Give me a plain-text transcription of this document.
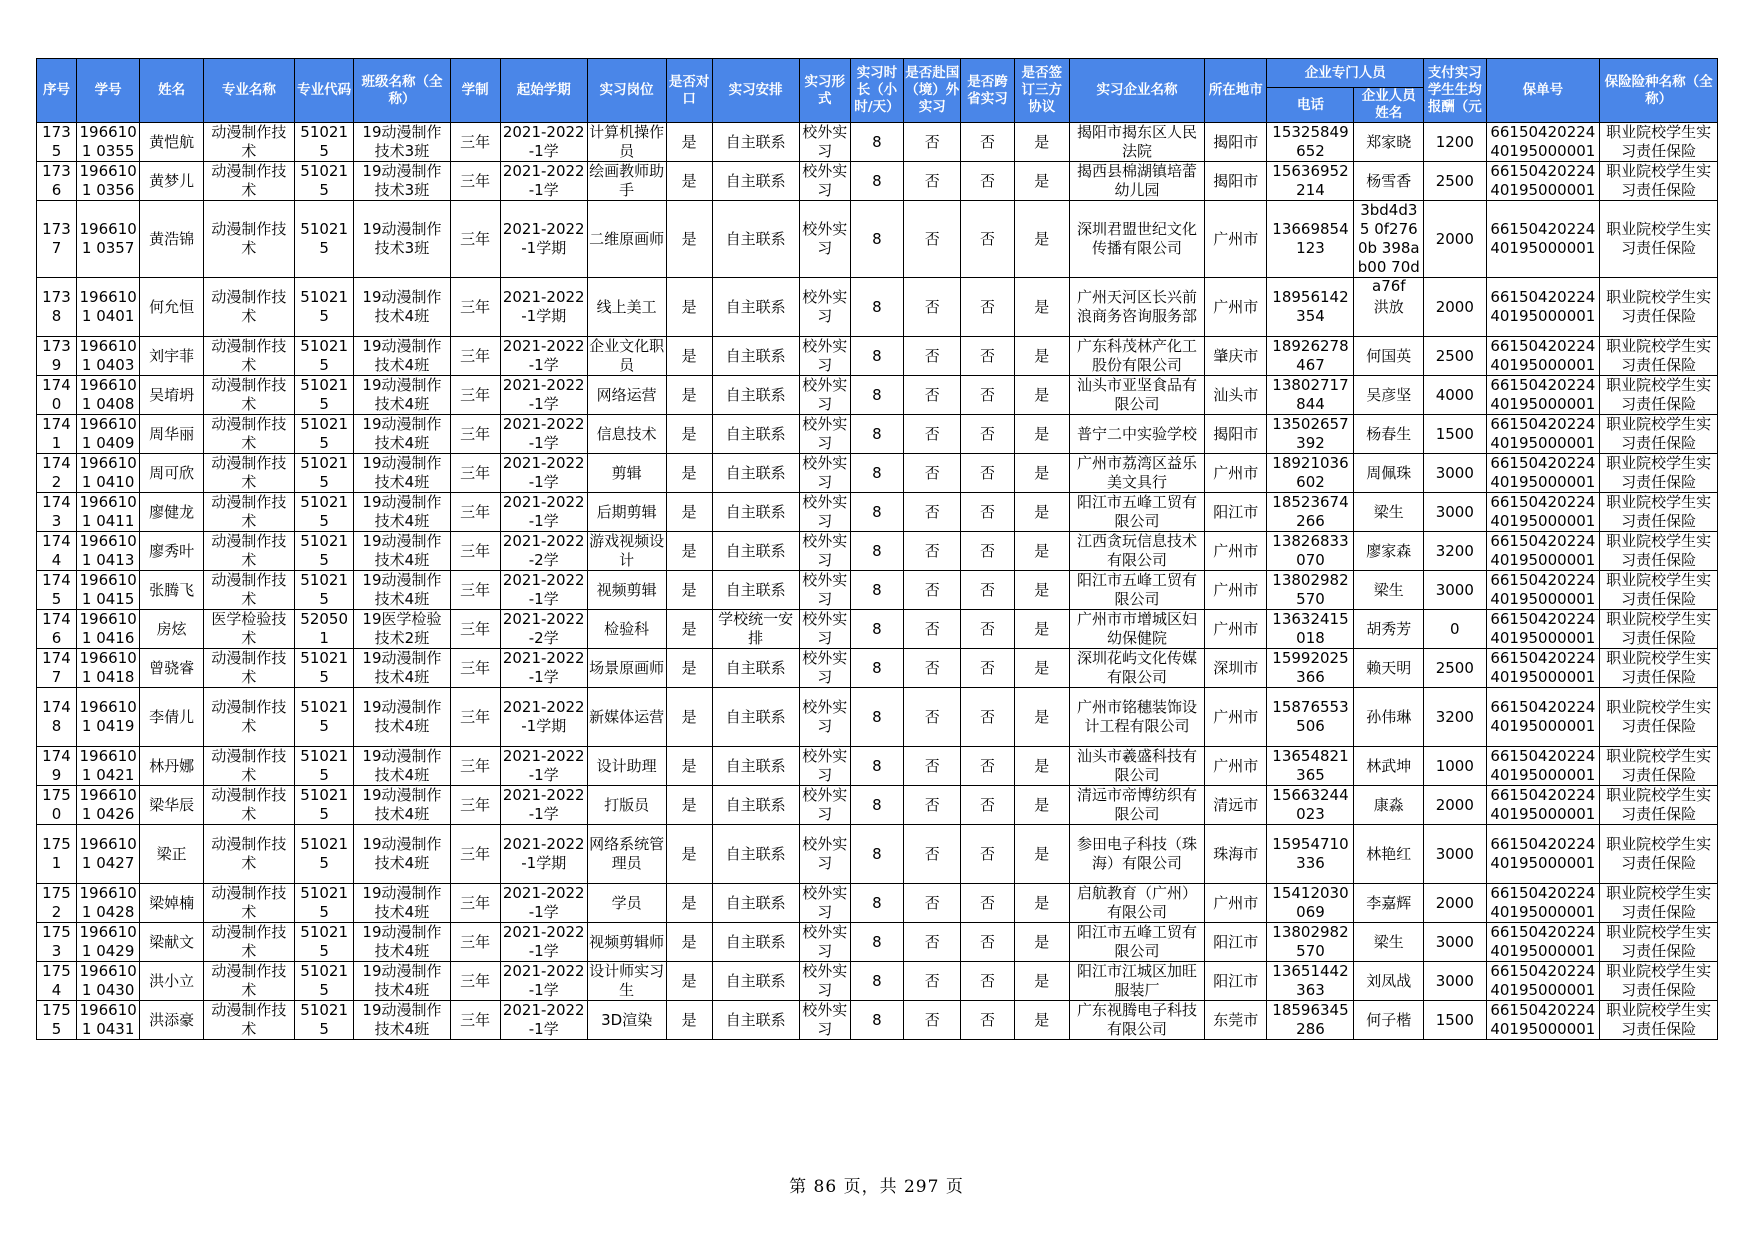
序号	学号	姓名	专业名称	专业代码	班级名称（全称）	学制	起始学期	实习岗位	是否对口	实习安排	实习形式	实习时长（小时/天）	是否赴国（境）外实习	是否跨省实习	是否签订三方协议	实习企业名称	所在地市	企业专门人员		支付实习学生生均报酬（元	保单号	保险险种名称（全称）
																		电话	企业人员姓名			

1735	1966101 0355	黄恺航	动漫制作技术	510215	19动漫制作技术3班	三年	2021-2022-1学	计算机操作员	是	自主联系	校外实习	8	否	否	是	揭阳市揭东区人民法院	揭阳市	15325849 652	郑家晓	1200	66150420224 40195000001	职业院校学生实习责任保险

1736	1966101 0356	黄梦儿	动漫制作技术	510215	19动漫制作技术3班	三年	2021-2022-1学	绘画教师助手	是	自主联系	校外实习	8	否	否	是	揭西县棉湖镇培蕾幼儿园	揭阳市	15636952 214	杨雪香	2500	66150420224 40195000001	职业院校学生实习责任保险

1737	1966101 0357	黄浩锦	动漫制作技术	510215	19动漫制作技术3班	三年	2021-2022-1学期	二维原画师	是	自主联系	校外实习	8	否	否	是	深圳君盟世纪文化传播有限公司	广州市	13669854 123	3bd4d35 0f2760b 398ab00 70da76f	2000	66150420224 40195000001	职业院校学生实习责任保险

1738	1966101 0401	何允恒	动漫制作技术	510215	19动漫制作技术4班	三年	2021-2022-1学期	线上美工	是	自主联系	校外实习	8	否	否	是	广州天河区长兴前浪商务咨询服务部	广州市	18956142 354	洪放	2000	66150420224 40195000001	职业院校学生实习责任保险

1739	1966101 0403	刘宇菲	动漫制作技术	510215	19动漫制作技术4班	三年	2021-2022-1学	企业文化职员	是	自主联系	校外实习	8	否	否	是	广东科茂林产化工股份有限公司	肇庆市	18926278 467	何国英	2500	66150420224 40195000001	职业院校学生实习责任保险

1740	1966101 0408	吴堉坍	动漫制作技术	510215	19动漫制作技术4班	三年	2021-2022-1学	网络运营	是	自主联系	校外实习	8	否	否	是	汕头市亚坚食品有限公司	汕头市	13802717 844	吴彦坚	4000	66150420224 40195000001	职业院校学生实习责任保险

1741	1966101 0409	周华丽	动漫制作技术	510215	19动漫制作技术4班	三年	2021-2022-1学	信息技术	是	自主联系	校外实习	8	否	否	是	普宁二中实验学校	揭阳市	13502657 392	杨春生	1500	66150420224 40195000001	职业院校学生实习责任保险

1742	1966101 0410	周可欣	动漫制作技术	510215	19动漫制作技术4班	三年	2021-2022-1学	剪辑	是	自主联系	校外实习	8	否	否	是	广州市荔湾区益乐美文具行	广州市	18921036 602	周佩珠	3000	66150420224 40195000001	职业院校学生实习责任保险

1743	1966101 0411	廖健龙	动漫制作技术	510215	19动漫制作技术4班	三年	2021-2022-1学	后期剪辑	是	自主联系	校外实习	8	否	否	是	阳江市五峰工贸有限公司	阳江市	18523674 266	梁生	3000	66150420224 40195000001	职业院校学生实习责任保险

1744	1966101 0413	廖秀叶	动漫制作技术	510215	19动漫制作技术4班	三年	2021-2022-2学	游戏视频设计	是	自主联系	校外实习	8	否	否	是	江西贪玩信息技术有限公司	广州市	13826833 070	廖家森	3200	66150420224 40195000001	职业院校学生实习责任保险

1745	1966101 0415	张腾飞	动漫制作技术	510215	19动漫制作技术4班	三年	2021-2022-1学	视频剪辑	是	自主联系	校外实习	8	否	否	是	阳江市五峰工贸有限公司	广州市	13802982 570	梁生	3000	66150420224 40195000001	职业院校学生实习责任保险

1746	1966101 0416	房炫	医学检验技术	520501	19医学检验技术2班	三年	2021-2022-2学	检验科	是	学校统一安排	校外实习	8	否	否	是	广州市市增城区妇幼保健院	广州市	13632415 018	胡秀芳	0	66150420224 40195000001	职业院校学生实习责任保险

1747	1966101 0418	曾骁睿	动漫制作技术	510215	19动漫制作技术4班	三年	2021-2022-1学	场景原画师	是	自主联系	校外实习	8	否	否	是	深圳花屿文化传媒有限公司	深圳市	15992025 366	赖天明	2500	66150420224 40195000001	职业院校学生实习责任保险

1748	1966101 0419	李倩儿	动漫制作技术	510215	19动漫制作技术4班	三年	2021-2022-1学期	新媒体运营	是	自主联系	校外实习	8	否	否	是	广州市铭穗装饰设计工程有限公司	广州市	15876553 506	孙伟琳	3200	66150420224 40195000001	职业院校学生实习责任保险

1749	1966101 0421	林丹娜	动漫制作技术	510215	19动漫制作技术4班	三年	2021-2022-1学	设计助理	是	自主联系	校外实习	8	否	否	是	汕头市羲盛科技有限公司	广州市	13654821 365	林武坤	1000	66150420224 40195000001	职业院校学生实习责任保险

1750	1966101 0426	梁华辰	动漫制作技术	510215	19动漫制作技术4班	三年	2021-2022-1学	打版员	是	自主联系	校外实习	8	否	否	是	清远市帝博纺织有限公司	清远市	15663244 023	康淼	2000	66150420224 40195000001	职业院校学生实习责任保险

1751	1966101 0427	梁正	动漫制作技术	510215	19动漫制作技术4班	三年	2021-2022-1学期	网络系统管理员	是	自主联系	校外实习	8	否	否	是	参田电子科技（珠海）有限公司	珠海市	15954710 336	林艳红	3000	66150420224 40195000001	职业院校学生实习责任保险

1752	1966101 0428	梁婥楠	动漫制作技术	510215	19动漫制作技术4班	三年	2021-2022-1学	学员	是	自主联系	校外实习	8	否	否	是	启航教育（广州）有限公司	广州市	15412030 069	李嘉辉	2000	66150420224 40195000001	职业院校学生实习责任保险

1753	1966101 0429	梁献文	动漫制作技术	510215	19动漫制作技术4班	三年	2021-2022-1学	视频剪辑师	是	自主联系	校外实习	8	否	否	是	阳江市五峰工贸有限公司	阳江市	13802982 570	梁生	3000	66150420224 40195000001	职业院校学生实习责任保险

1754	1966101 0430	洪小立	动漫制作技术	510215	19动漫制作技术4班	三年	2021-2022-1学	设计师实习生	是	自主联系	校外实习	8	否	否	是	阳江市江城区加旺服装厂	阳江市	13651442 363	刘凤战	3000	66150420224 40195000001	职业院校学生实习责任保险

1755	1966101 0431	洪添豪	动漫制作技术	510215	19动漫制作技术4班	三年	2021-2022-1学	3D渲染	是	自主联系	校外实习	8	否	否	是	广东视腾电子科技有限公司	东莞市	18596345 286	何子楷	1500	66150420224 40195000001	职业院校学生实习责任保险
第 86 页，共 297 页
